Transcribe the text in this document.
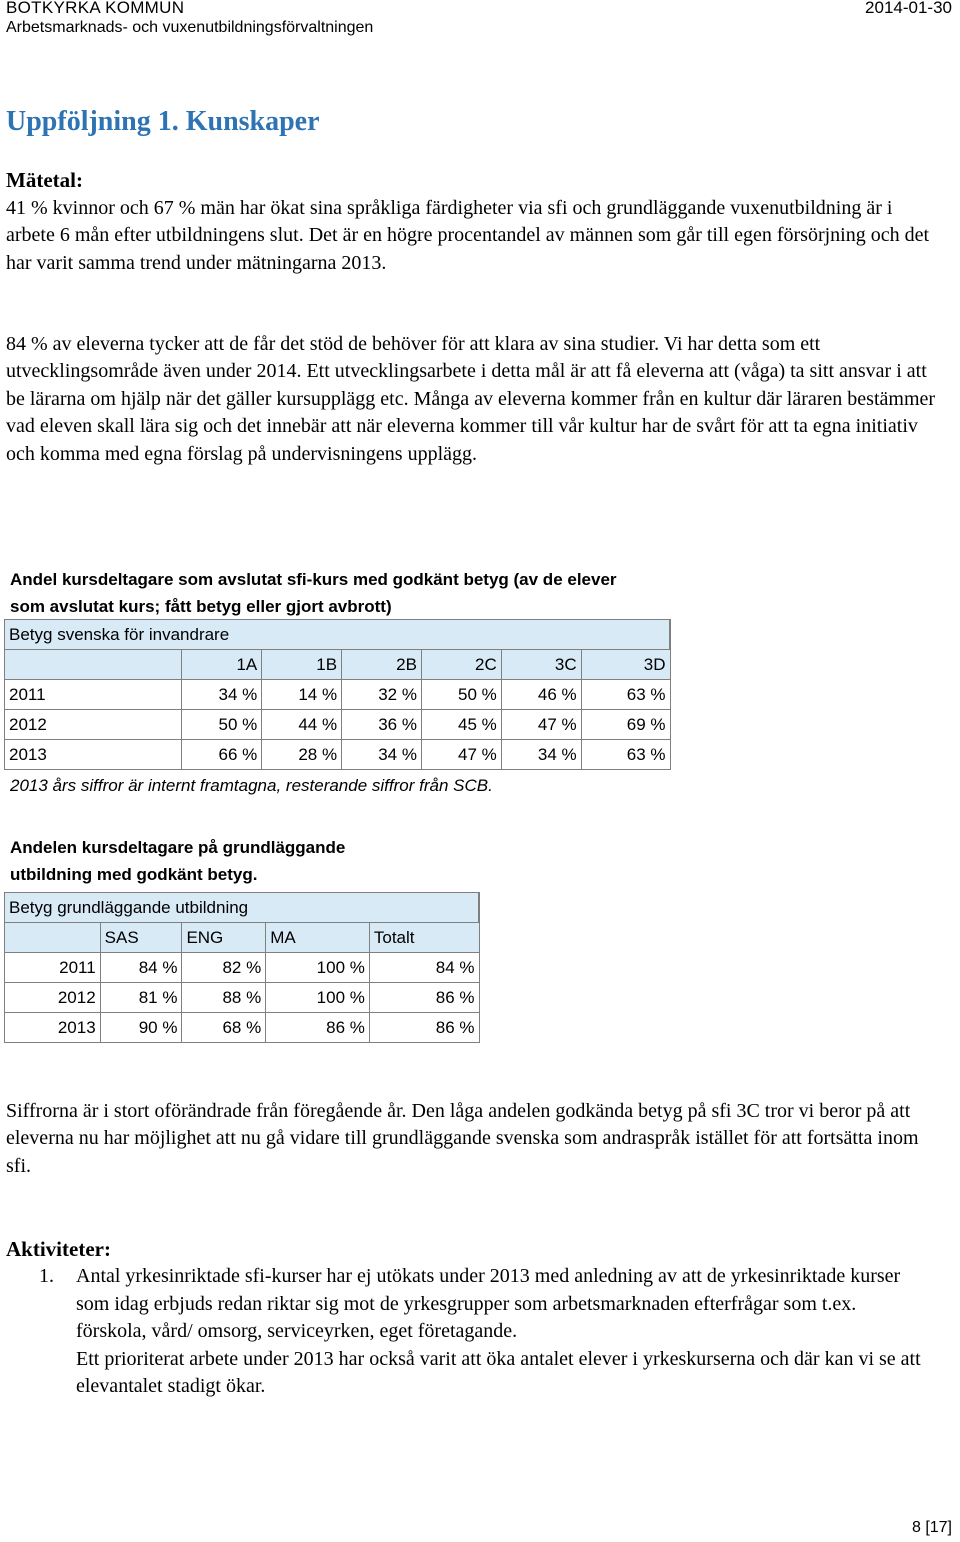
BOTKYRKA KOMMUN
Arbetsmarknads- och vuxenutbildningsförvaltningen
2014-01-30
Uppföljning 1. Kunskaper

Mätetal:

41 % kvinnor och 67 % män har ökat sina språkliga färdigheter via sfi och grundläggande vuxenutbildning är i arbete 6 mån efter utbildningens slut. Det är en högre procentandel av männen som går till egen försörjning och det har varit samma trend under mätningarna 2013.

84 % av eleverna tycker att de får det stöd de behöver för att klara av sina studier. Vi har detta som ett utvecklingsområde även under 2014. Ett utvecklingsarbete i detta mål är att få eleverna att (våga) ta sitt ansvar i att be lärarna om hjälp när det gäller kursupplägg etc. Många av eleverna kommer från en kultur där läraren bestämmer vad eleven skall lära sig och det innebär att när eleverna kommer till vår kultur har de svårt för att ta egna initiativ och komma med egna förslag på undervisningens upplägg.

Andel kursdeltagare som avslutat sfi-kurs med godkänt betyg (av de elever som avslutat kurs; fått betyg eller gjort avbrott)

Betyg svenska för invandrare						
	1A	1B	2B	2C	3C	3D
2011	34 %	14 %	32 %	50 %	46 %	63 %
2012	50 %	44 %	36 %	45 %	47 %	69 %
2013	66 %	28 %	34 %	47 %	34 %	63 %

2013 års siffror är internt framtagna, resterande siffror från SCB.

Andelen kursdeltagare på grundläggande utbildning med godkänt betyg.

Betyg grundläggande utbildning				
	SAS	ENG	MA	Totalt
2011	84 %	82 %	100 %	84 %
2012	81 %	88 %	100 %	86 %
2013	90 %	68 %	86 %	86 %

Siffrorna är i stort oförändrade från föregående år. Den låga andelen godkända betyg på sfi 3C tror vi beror på att eleverna nu har möjlighet att nu gå vidare till grundläggande svenska som andraspråk istället för att fortsätta inom sfi.

Aktiviteter:

1. Antal yrkesinriktade sfi-kurser har ej utökats under 2013 med anledning av att de yrkesinriktade kurser som idag erbjuds redan riktar sig mot de yrkesgrupper som arbetsmarknaden efterfrågar som t.ex. förskola, vård/ omsorg, serviceyrken, eget företagande.
Ett prioriterat arbete under 2013 har också varit att öka antalet elever i yrkeskurserna och där kan vi se att elevantalet stadigt ökar.
8 [17]
